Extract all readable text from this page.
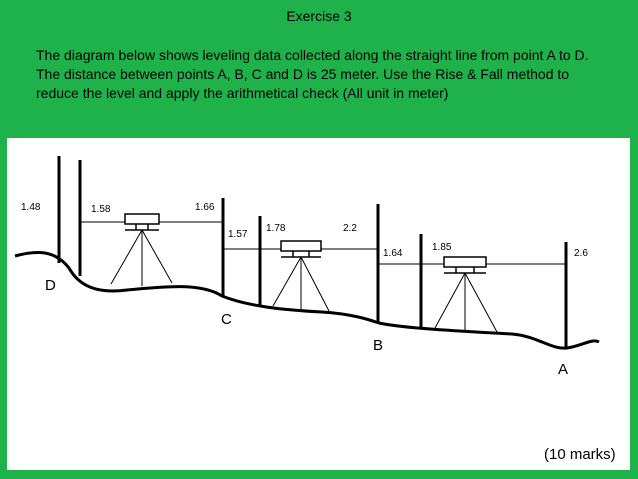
Exercise 3
The diagram below shows leveling data collected along the straight line from point A to D. The distance between points A, B, C and D is 25 meter. Use the Rise & Fall method to reduce the level and apply the arithmetical check (All unit in meter)
1.48	1.58	1.66
1.57
1.78	2.2
1.64
1.85
2.6
D
C
B
A
(10 marks)
